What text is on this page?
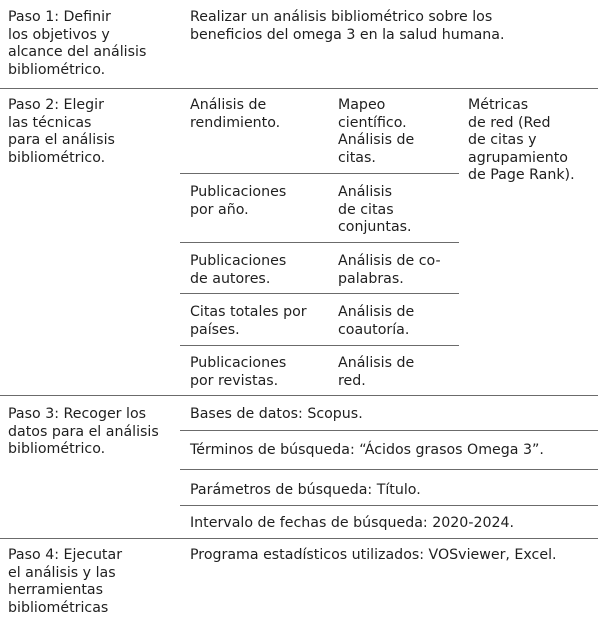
Paso 1: Definir
los objetivos y
alcance del análisis
bibliométrico.
Realizar un análisis bibliométrico sobre los
beneficios del omega 3 en la salud humana.
Paso 2: Elegir
las técnicas
para el análisis
bibliométrico.
Análisis de
rendimiento.
Mapeo
científico.
Análisis de
citas.
Métricas
de red (Red
de citas y
agrupamiento
de Page Rank).
Publicaciones
por año.
Análisis
de citas
conjuntas.
Publicaciones
de autores.
Análisis de co-
palabras.
Citas totales por
países.
Análisis de
coautoría.
Publicaciones
por revistas.
Análisis de
red.
Paso 3: Recoger los
datos para el análisis
bibliométrico.
Bases de datos: Scopus.
Términos de búsqueda: “Ácidos grasos Omega 3”.
Parámetros de búsqueda: Título.
Intervalo de fechas de búsqueda: 2020-2024.
Paso 4: Ejecutar
el análisis y las
herramientas
bibliométricas
Programa estadísticos utilizados: VOSviewer, Excel.
